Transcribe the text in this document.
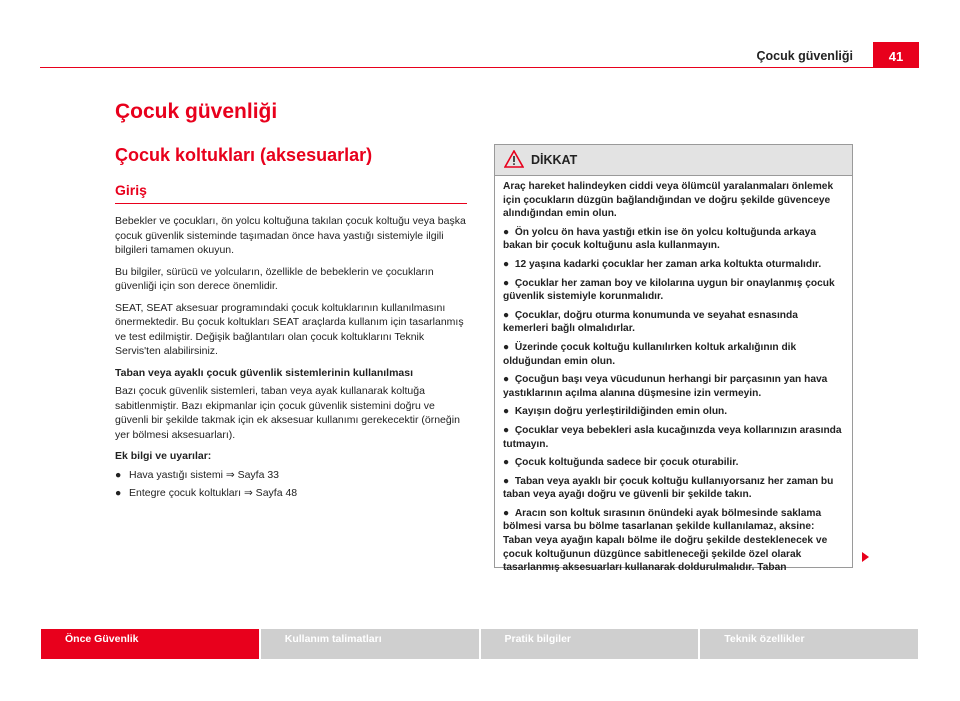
Çocuk güvenliği	41
Çocuk güvenliği
Çocuk koltukları (aksesuarlar)
Giriş

Bebekler ve çocukları, ön yolcu koltuğuna takılan çocuk koltuğu veya başka çocuk güvenlik sisteminde taşımadan önce hava yastığı sistemiyle ilgili bilgileri tamamen okuyun.

Bu bilgiler, sürücü ve yolcuların, özellikle de bebeklerin ve çocukların güvenliği için son derece önemlidir.

SEAT, SEAT aksesuar programındaki çocuk koltuklarının kullanılmasını önermektedir. Bu çocuk koltukları SEAT araçlarda kullanım için tasarlanmış ve test edilmiştir. Değişik bağlantıları olan çocuk koltuklarını Teknik Servis'ten alabilirsiniz.

Taban veya ayaklı çocuk güvenlik sistemlerinin kullanılması

Bazı çocuk güvenlik sistemleri, taban veya ayak kullanarak koltuğa sabitlenmiştir. Bazı ekipmanlar için çocuk güvenlik sistemini doğru ve güvenli bir şekilde takmak için ek aksesuar kullanımı gerekecektir (örneğin yer bölmesi aksesuarları).

Ek bilgi ve uyarılar:

● Hava yastığı sistemi ⇒ Sayfa 33
● Entegre çocuk koltukları ⇒ Sayfa 48
DİKKAT

Araç hareket halindeyken ciddi veya ölümcül yaralanmaları önlemek için çocukların düzgün bağlandığından ve doğru şekilde güvenceye alındığından emin olun.

●  Ön yolcu ön hava yastığı etkin ise ön yolcu koltuğunda arkaya bakan bir çocuk koltuğunu asla kullanmayın.

●  12 yaşına kadarki çocuklar her zaman arka koltukta oturmalıdır.

●  Çocuklar her zaman boy ve kilolarına uygun bir onaylanmış çocuk güvenlik sistemiyle korunmalıdır.

●  Çocuklar, doğru oturma konumunda ve seyahat esnasında kemerleri bağlı olmalıdırlar.

●  Üzerinde çocuk koltuğu kullanılırken koltuk arkalığının dik olduğundan emin olun.

●  Çocuğun başı veya vücudunun herhangi bir parçasının yan hava yastıklarının açılma alanına düşmesine izin vermeyin.

●  Kayışın doğru yerleştirildiğinden emin olun.

●  Çocuklar veya bebekleri asla kucağınızda veya kollarınızın arasında tutmayın.

●  Çocuk koltuğunda sadece bir çocuk oturabilir.

●  Taban veya ayaklı bir çocuk koltuğu kullanıyorsanız her zaman bu taban veya ayağı doğru ve güvenli bir şekilde takın.

●  Aracın son koltuk sırasının önündeki ayak bölmesinde saklama bölmesi varsa bu bölme tasarlanan şekilde kullanılamaz, aksine: Taban veya ayağın kapalı bölme ile doğru şekilde desteklenecek ve çocuk koltuğunun düzgünce sabitleneceği şekilde özel olarak tasarlanmış aksesuarları kullanarak doldurulmalıdır. Taban

Önce Güvenlik	Kullanım talimatları	Pratik bilgiler	Teknik özellikler
